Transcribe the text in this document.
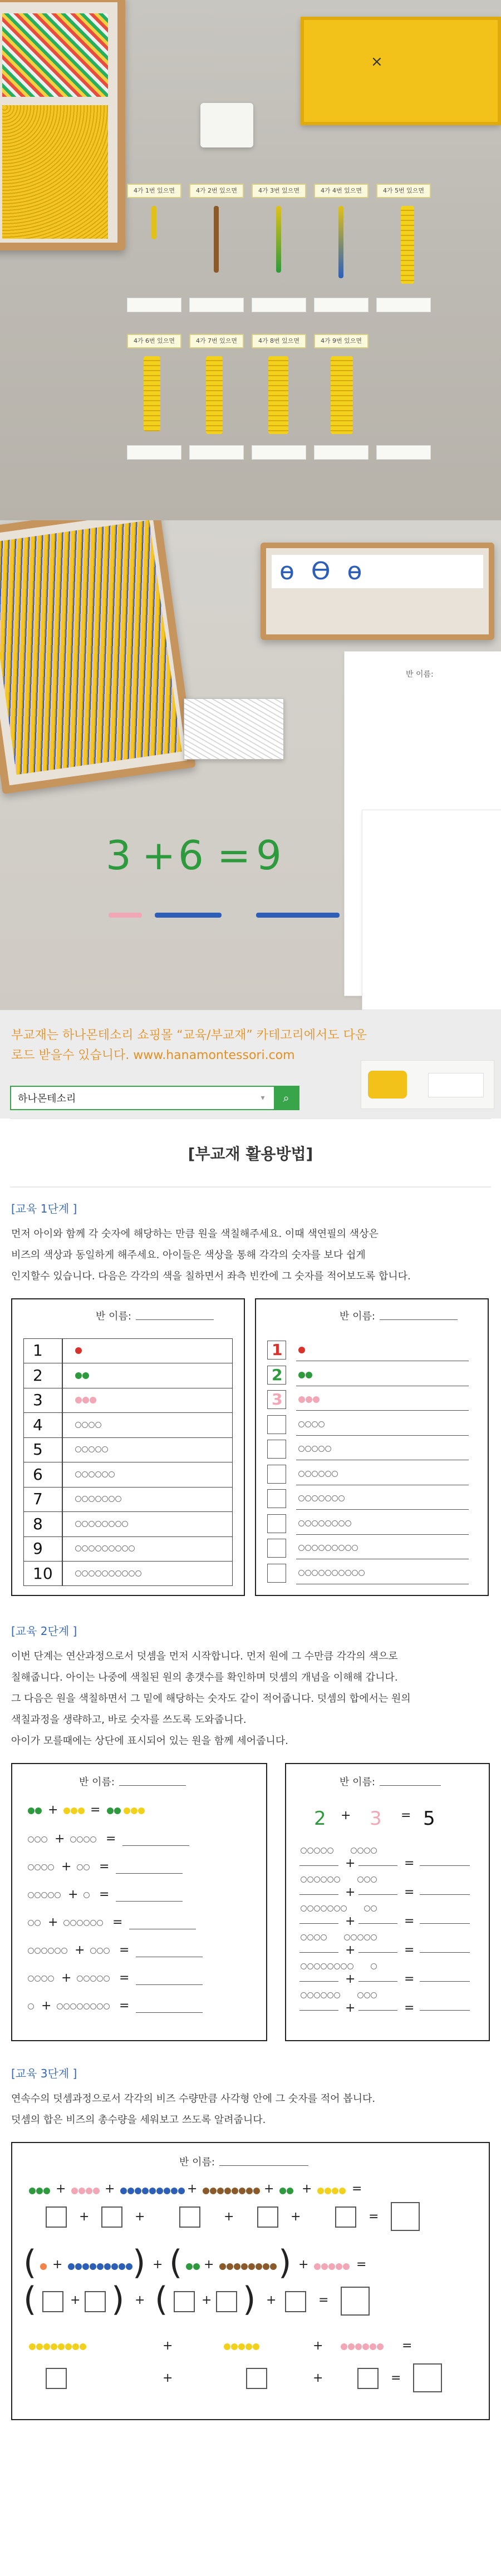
×
4가 1번 있으면	4가 2번 있으면	4가 3번 있으면	4가 4번 있으면	4가 5번 있으면
4가 6번 있으면	4가 7번 있으면	4가 8번 있으면	4가 9번 있으면
ѳ Ѳ ѳ
반 이름:
3 + 6 = 9

부교재는 하나몬테소리 쇼핑몰 “교육/부교재” 카테고리에서도 다운로드 받을수 있습니다. www.hanamontessori.com

하나몬테소리
▾	⌕
[부교재 활용방법]
[교육 1단계 ]

먼저 아이와 함께 각 숫자에 해당하는 만큼 원을 색칠해주세요. 이때 색연필의 색상은

비즈의 색상과 동일하게 해주세요. 아이들은 색상을 통해 각각의 숫자를 보다 쉽게

인지할수 있습니다. 다음은 각각의 색을 칠하면서 좌측 빈칸에 그 숫자를 적어보도록 합니다.

반 이름:
1
2
3
4
5
6
7
8
9
10
반 이름:
1
2
3
[교육 2단계 ]

이번 단계는 연산과정으로서 덧셈을 먼저 시작합니다. 먼저 원에 그 수만큼 각각의 색으로

칠해줍니다. 아이는 나중에 색칠된 원의 총갯수를 확인하며 덧셈의 개념을 이해해 갑니다.

그 다음은 원을 색칠하면서 그 밑에 해당하는 숫자도 같이 적어줍니다. 덧셈의 합에서는 원의

색칠과정을 생략하고, 바로 숫자를 쓰도록 도와줍니다.

아이가 모를때에는 상단에 표시되어 있는 원을 함께 세어줍니다.

반 이름:
+	=
+	=
+ =
+ =
+	=
+	=
+	=
+	=
반 이름:
2 + 3 = 5
+	=
+	=
+	=
+	=
+	=
+	=
[교육 3단계 ]

연속수의 덧셈과정으로서 각각의 비즈 수량만큼 사각형 안에 그 숫자를 적어 봅니다.

덧셈의 합은 비즈의 총수량을 세워보고 쓰도록 알려줍니다.

반 이름:
+	+	+	+ +	=
+	+	+	+	=
( + ) + ( + ) +	=
(	+ ) + (	+ ) +	=
+	+	=
+	+	=
